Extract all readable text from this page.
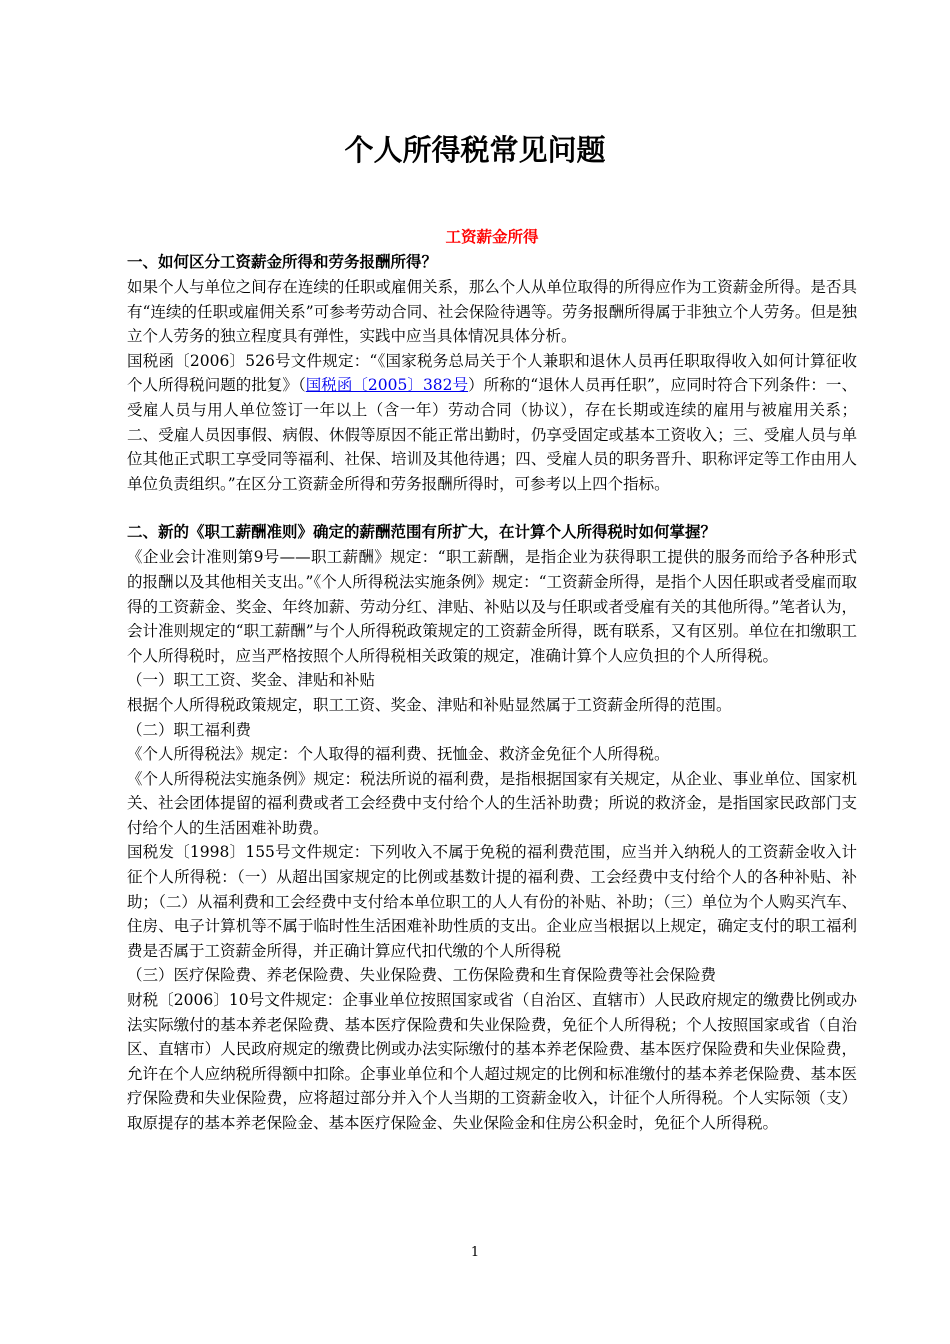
个人所得税常见问题

工资薪金所得

一、如何区分工资薪金所得和劳务报酬所得？

如果个人与单位之间存在连续的任职或雇佣关系，那么个人从单位取得的所得应作为工资薪金所得。是否具有“连续的任职或雇佣关系”可参考劳动合同、社会保险待遇等。劳务报酬所得属于非独立个人劳务。但是独立个人劳务的独立程度具有弹性，实践中应当具体情况具体分析。

国税函〔2006〕526号文件规定：“《国家税务总局关于个人兼职和退休人员再任职取得收入如何计算征收个人所得税问题的批复》（国税函〔2005〕382号）所称的“退休人员再任职”，应同时符合下列条件：一、受雇人员与用人单位签订一年以上（含一年）劳动合同（协议），存在长期或连续的雇用与被雇用关系；二、受雇人员因事假、病假、休假等原因不能正常出勤时，仍享受固定或基本工资收入；三、受雇人员与单位其他正式职工享受同等福利、社保、培训及其他待遇；四、受雇人员的职务晋升、职称评定等工作由用人单位负责组织。”在区分工资薪金所得和劳务报酬所得时，可参考以上四个指标。

二、新的《职工薪酬准则》确定的薪酬范围有所扩大，在计算个人所得税时如何掌握？

《企业会计准则第9号——职工薪酬》规定：“职工薪酬，是指企业为获得职工提供的服务而给予各种形式的报酬以及其他相关支出。”《个人所得税法实施条例》规定：“工资薪金所得，是指个人因任职或者受雇而取得的工资薪金、奖金、年终加薪、劳动分红、津贴、补贴以及与任职或者受雇有关的其他所得。”笔者认为，会计准则规定的“职工薪酬”与个人所得税政策规定的工资薪金所得，既有联系，又有区别。单位在扣缴职工个人所得税时，应当严格按照个人所得税相关政策的规定，准确计算个人应负担的个人所得税。

（一）职工工资、奖金、津贴和补贴

根据个人所得税政策规定，职工工资、奖金、津贴和补贴显然属于工资薪金所得的范围。

（二）职工福利费

《个人所得税法》规定：个人取得的福利费、抚恤金、救济金免征个人所得税。

《个人所得税法实施条例》规定：税法所说的福利费，是指根据国家有关规定，从企业、事业单位、国家机关、社会团体提留的福利费或者工会经费中支付给个人的生活补助费；所说的救济金，是指国家民政部门支付给个人的生活困难补助费。

国税发〔1998〕155号文件规定：下列收入不属于免税的福利费范围，应当并入纳税人的工资薪金收入计征个人所得税：（一）从超出国家规定的比例或基数计提的福利费、工会经费中支付给个人的各种补贴、补助；（二）从福利费和工会经费中支付给本单位职工的人人有份的补贴、补助；（三）单位为个人购买汽车、住房、电子计算机等不属于临时性生活困难补助性质的支出。企业应当根据以上规定，确定支付的职工福利费是否属于工资薪金所得，并正确计算应代扣代缴的个人所得税

（三）医疗保险费、养老保险费、失业保险费、工伤保险费和生育保险费等社会保险费

财税〔2006〕10号文件规定：企事业单位按照国家或省（自治区、直辖市）人民政府规定的缴费比例或办法实际缴付的基本养老保险费、基本医疗保险费和失业保险费，免征个人所得税；个人按照国家或省（自治区、直辖市）人民政府规定的缴费比例或办法实际缴付的基本养老保险费、基本医疗保险费和失业保险费，允许在个人应纳税所得额中扣除。企事业单位和个人超过规定的比例和标准缴付的基本养老保险费、基本医疗保险费和失业保险费，应将超过部分并入个人当期的工资薪金收入，计征个人所得税。个人实际领（支）取原提存的基本养老保险金、基本医疗保险金、失业保险金和住房公积金时，免征个人所得税。

1
